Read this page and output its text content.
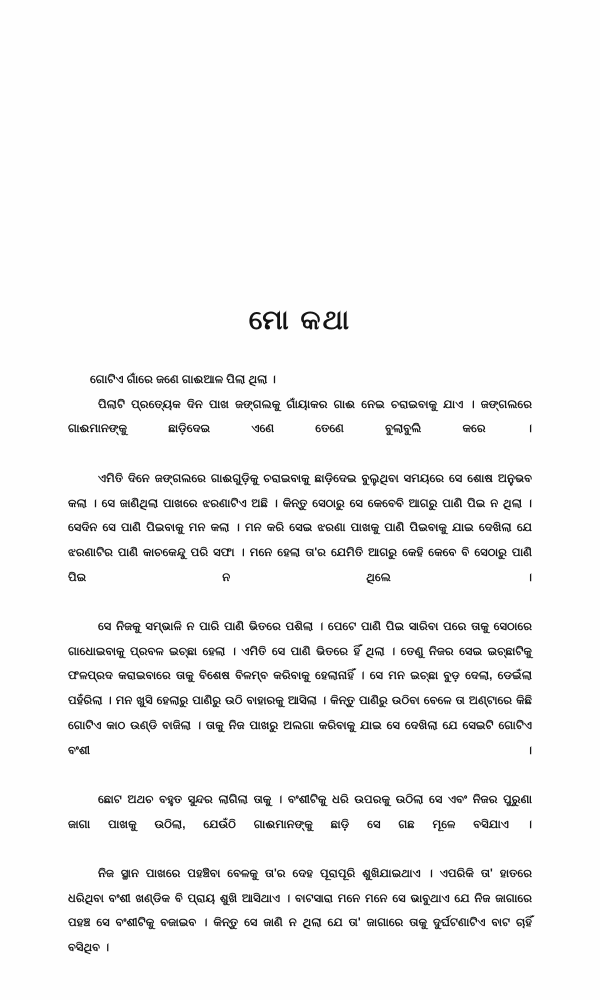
ମୋ କଥା

ଗୋଟିଏ ଗାଁରେ ଜଣେ ଗାଈଆଳ ପିଲା ଥିଲା ।

ପିଲାଟି ପ୍ରତ୍ୟେକ ଦିନ ପାଖ ଜଙ୍ଗଲକୁ ଗାଁୟାକର ଗାଈ ନେଇ ଚରାଇବାକୁ ଯାଏ । ଜଙ୍ଗଲରେ ଗାଈମାନଙ୍କୁ ଛାଡ଼ିଦେଇ ଏଣେ ତେଣେ ବୁଲାବୁଲି କରେ ।

ଏମିତି ଦିନେ ଜଙ୍ଗଲରେ ଗାଈଗୁଡ଼ିକୁ ଚରାଇବାକୁ ଛାଡ଼ିଦେଇ ବୁଲୁଥିବା ସମୟରେ ସେ ଶୋଷ ଅନୁଭବ କଲା । ସେ ଜାଣିଥିଲା ପାଖରେ ଝରଣାଟିଏ ଅଛି । କିନ୍ତୁ ସେଠାରୁ ସେ କେବେବି ଆଗରୁ ପାଣି ପିଇ ନ ଥିଲା । ସେଦିନ ସେ ପାଣି ପିଇବାକୁ ମନ କଲା । ମନ କରି ସେଇ ଝରଣା ପାଖକୁ ପାଣି ପିଇବାକୁ ଯାଇ ଦେଖିଲା ଯେ ଝରଣାଟିର ପାଣି କାଚକେନ୍ଦୁ ପରି ସଫା । ମନେ ହେଲା ତା'ର ଯେମିତି ଆଗରୁ କେହି କେବେ ବି ସେଠାରୁ ପାଣି ପିଇ ନ ଥିଲେ ।

ସେ ନିଜକୁ ସମ୍ଭାଳି ନ ପାରି ପାଣି ଭିତରେ ପଶିଲା । ପେଟେ ପାଣି ପିଇ ସାରିବା ପରେ ତାକୁ ସେଠାରେ ଗାଧୋଇବାକୁ ପ୍ରବଳ ଇଚ୍ଛା ହେଲା । ଏମିତି ସେ ପାଣି ଭିତରେ ହିଁ ଥିଲା । ତେଣୁ ନିଜର ସେଇ ଇଚ୍ଛାଟିକୁ ଫଳପ୍ରଦ କରାଇବାରେ ତାକୁ ବିଶେଷ ବିଳମ୍ବ କରିବାକୁ ହେଲାନାହିଁ । ସେ ମନ ଇଚ୍ଛା ବୁଡ଼ ଦେଲା, ଡେଇଁଲା ପହଁରିଲା । ମନ ଖୁସି ହେଲାରୁ ପାଣିରୁ ଉଠି ବାହାରକୁ ଆସିଲା । କିନ୍ତୁ ପାଣିରୁ ଉଠିବା ବେଳେ ତା ଅଣ୍ଟାରେ କିଛି ଗୋଟିଏ କାଠ ଉଣ୍ଡି ବାଜିଲା । ତାକୁ ନିଜ ପାଖରୁ ଅଲଗା କରିବାକୁ ଯାଇ ସେ ଦେଖିଲା ଯେ ସେଇଟି ଗୋଟିଏ ବଂଶୀ ।

ଛୋଟ ଅଥଚ ବହୁତ ସୁନ୍ଦର ଲାଗିଲା ତାକୁ । ବଂଶୀଟିକୁ ଧରି ଉପରକୁ ଉଠିଲା ସେ ଏବଂ ନିଜର ପୁରୁଣା ଜାଗା ପାଖକୁ ଉଠିଲା, ଯେଉଁଠି ଗାଈମାନଙ୍କୁ ଛାଡ଼ି ସେ ଗଛ ମୂଳେ ବସିଯାଏ ।

ନିଜ ସ୍ଥାନ ପାଖରେ ପହଞ୍ଚିବା ବେଳକୁ ତା'ର ଦେହ ପୂରାପୂରି ଶୁଖିଯାଇଥାଏ । ଏପରିକି ତା' ହାତରେ ଧରିଥିବା ବଂଶୀ ଖଣ୍ଡିକ ବି ପ୍ରାୟ ଶୁଖି ଆସିଥାଏ । ବାଟସାରା ମନେ ମନେ ସେ ଭାବୁଥାଏ ଯେ ନିଜ ଜାଗାରେ ପହଞ୍ଚ ସେ ବଂଶୀଟିକୁ ବଜାଇବ । କିନ୍ତୁ ସେ ଜାଣି ନ ଥିଲା ଯେ ତା' ଜାଗାରେ ତାକୁ ଦୁର୍ଘଟଣାଟିଏ ବାଟ ଚାହିଁ ବସିଥିବ ।
